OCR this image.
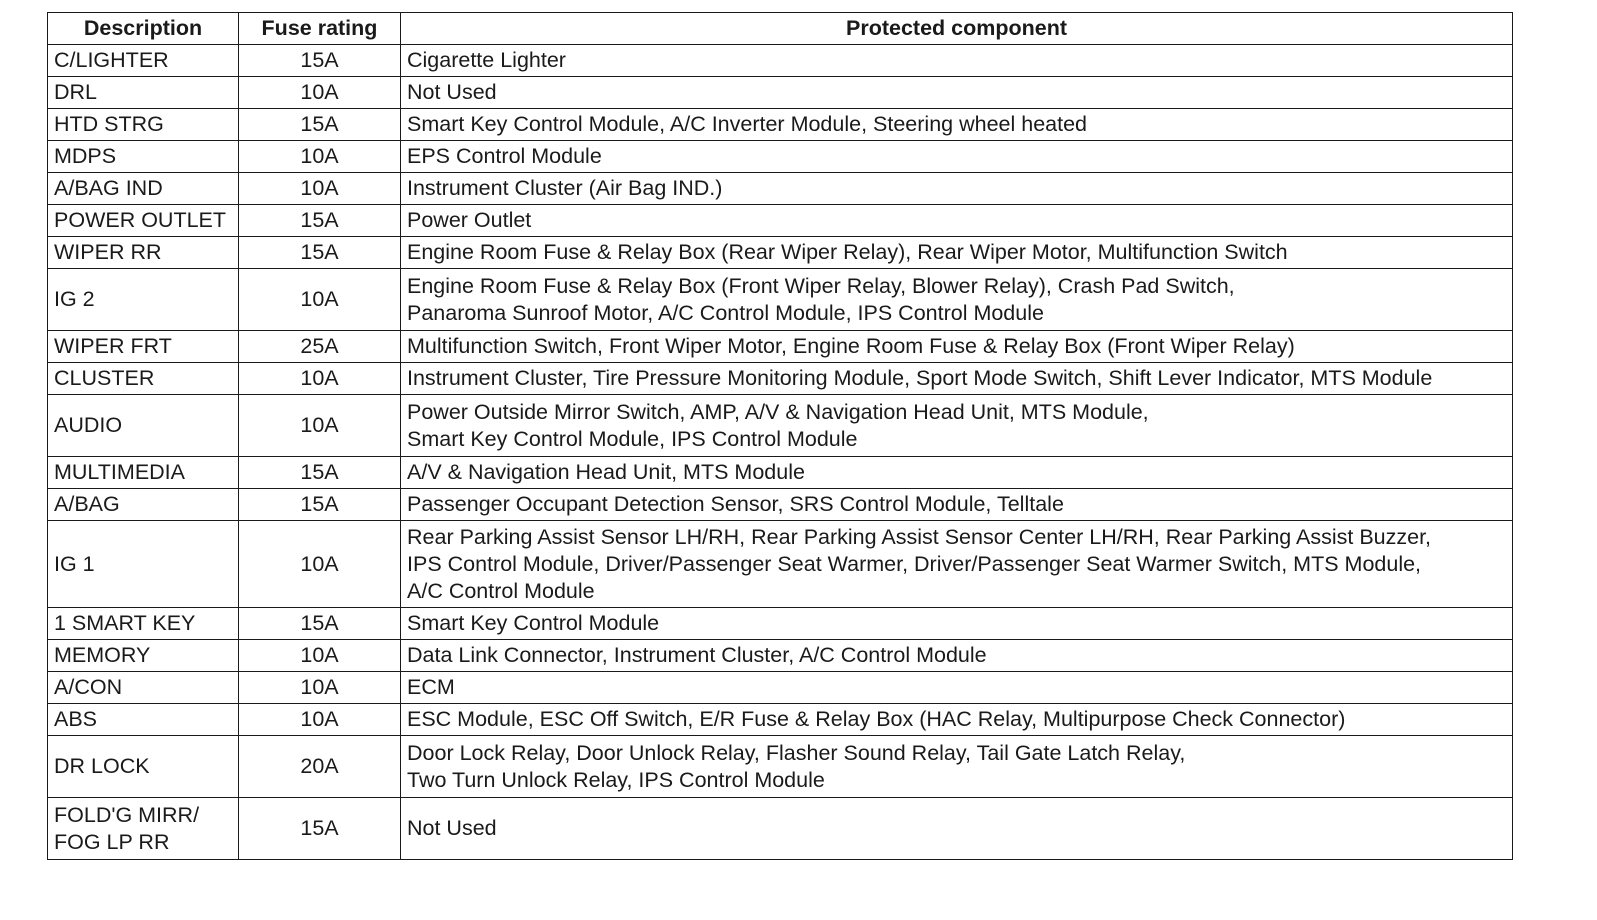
Description	Fuse rating	Protected component

C/LIGHTER	15A	Cigarette Lighter

DRL	10A	Not Used

HTD STRG	15A	Smart Key Control Module, A/C Inverter Module, Steering wheel heated

MDPS	10A	EPS Control Module

A/BAG IND	10A	Instrument Cluster (Air Bag IND.)

POWER OUTLET	15A	Power Outlet

WIPER RR	15A	Engine Room Fuse & Relay Box (Rear Wiper Relay), Rear Wiper Motor, Multifunction Switch

IG 2	10A	Engine Room Fuse & Relay Box (Front Wiper Relay, Blower Relay), Crash Pad Switch,
Panaroma Sunroof Motor, A/C Control Module, IPS Control Module

WIPER FRT	25A	Multifunction Switch, Front Wiper Motor, Engine Room Fuse & Relay Box (Front Wiper Relay)

CLUSTER	10A	Instrument Cluster, Tire Pressure Monitoring Module, Sport Mode Switch, Shift Lever Indicator, MTS Module

AUDIO	10A	Power Outside Mirror Switch, AMP, A/V & Navigation Head Unit, MTS Module,
Smart Key Control Module, IPS Control Module

MULTIMEDIA	15A	A/V & Navigation Head Unit, MTS Module

A/BAG	15A	Passenger Occupant Detection Sensor, SRS Control Module, Telltale

IG 1	10A	Rear Parking Assist Sensor LH/RH, Rear Parking Assist Sensor Center LH/RH, Rear Parking Assist Buzzer,
IPS Control Module, Driver/Passenger Seat Warmer, Driver/Passenger Seat Warmer Switch, MTS Module,
A/C Control Module

1 SMART KEY	15A	Smart Key Control Module

MEMORY	10A	Data Link Connector, Instrument Cluster, A/C Control Module

A/CON	10A	ECM

ABS	10A	ESC Module, ESC Off Switch, E/R Fuse & Relay Box (HAC Relay, Multipurpose Check Connector)

DR LOCK	20A	Door Lock Relay, Door Unlock Relay, Flasher Sound Relay, Tail Gate Latch Relay,
Two Turn Unlock Relay, IPS Control Module

FOLD'G MIRR/
FOG LP RR	15A	Not Used
